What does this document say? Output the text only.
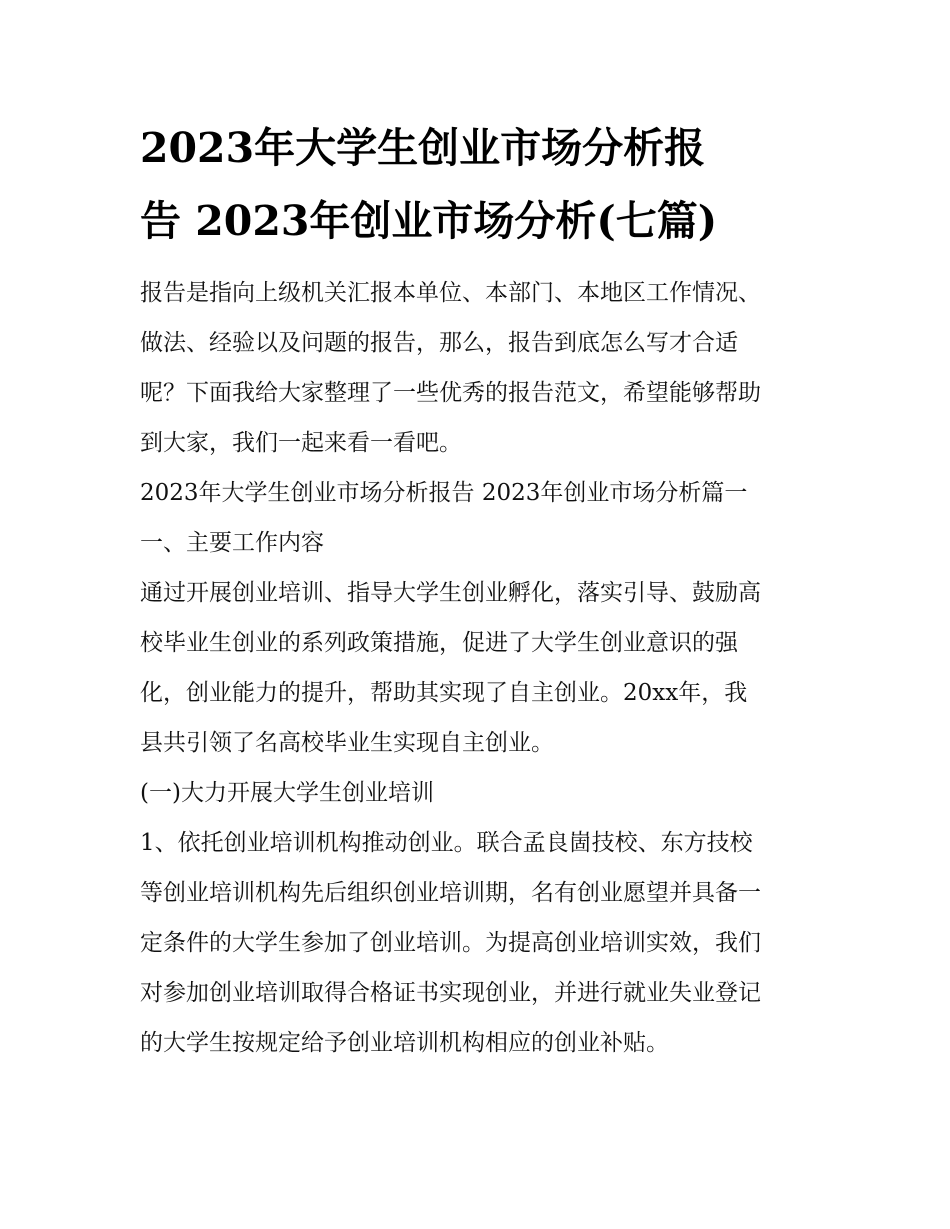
2023年大学生创业市场分析报
告 2023年创业市场分析(七篇)

报告是指向上级机关汇报本单位、本部门、本地区工作情况、

做法、经验以及问题的报告，那么，报告到底怎么写才合适

呢？下面我给大家整理了一些优秀的报告范文，希望能够帮助

到大家，我们一起来看一看吧。

2023年大学生创业市场分析报告 2023年创业市场分析篇一

一、主要工作内容

通过开展创业培训、指导大学生创业孵化，落实引导、鼓励高

校毕业生创业的系列政策措施，促进了大学生创业意识的强

化，创业能力的提升，帮助其实现了自主创业。20xx年，我

县共引领了名高校毕业生实现自主创业。

(一)大力开展大学生创业培训

1、依托创业培训机构推动创业。联合孟良崮技校、东方技校

等创业培训机构先后组织创业培训期，名有创业愿望并具备一

定条件的大学生参加了创业培训。为提高创业培训实效，我们

对参加创业培训取得合格证书实现创业，并进行就业失业登记

的大学生按规定给予创业培训机构相应的创业补贴。
